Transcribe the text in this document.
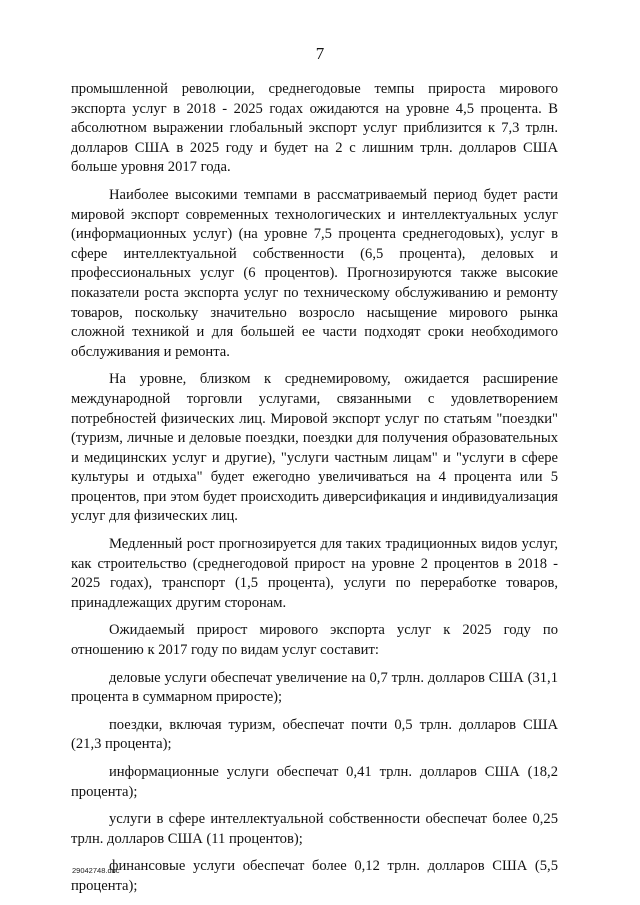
7

промышленной революции, среднегодовые темпы прироста мирового экспорта услуг в 2018 - 2025 годах ожидаются на уровне 4,5 процента. В абсолютном выражении глобальный экспорт услуг приблизится к 7,3 трлн. долларов США в 2025 году и будет на 2 с лишним трлн. долларов США больше уровня 2017 года.

Наиболее высокими темпами в рассматриваемый период будет расти мировой экспорт современных технологических и интеллектуальных услуг (информационных услуг) (на уровне 7,5 процента среднегодовых), услуг в сфере интеллектуальной собственности (6,5 процента), деловых и профессиональных услуг (6 процентов). Прогнозируются также высокие показатели роста экспорта услуг по техническому обслуживанию и ремонту товаров, поскольку значительно возросло насыщение мирового рынка сложной техникой и для большей ее части подходят сроки необходимого обслуживания и ремонта.

На уровне, близком к среднемировому, ожидается расширение международной торговли услугами, связанными с удовлетворением потребностей физических лиц. Мировой экспорт услуг по статьям "поездки" (туризм, личные и деловые поездки, поездки для получения образовательных и медицинских услуг и другие), "услуги частным лицам" и "услуги в сфере культуры и отдыха" будет ежегодно увеличиваться на 4 процента или 5 процентов, при этом будет происходить диверсификация и индивидуализация услуг для физических лиц.

Медленный рост прогнозируется для таких традиционных видов услуг, как строительство (среднегодовой прирост на уровне 2 процентов в 2018 - 2025 годах), транспорт (1,5 процента), услуги по переработке товаров, принадлежащих другим сторонам.

Ожидаемый прирост мирового экспорта услуг к 2025 году по отношению к 2017 году по видам услуг составит:

деловые услуги обеспечат увеличение на 0,7 трлн. долларов США (31,1 процента в суммарном приросте);

поездки, включая туризм, обеспечат почти 0,5 трлн. долларов США (21,3 процента);

информационные услуги обеспечат 0,41 трлн. долларов США (18,2 процента);

услуги в сфере интеллектуальной собственности обеспечат более 0,25 трлн. долларов США (11 процентов);

финансовые услуги обеспечат более 0,12 трлн. долларов США (5,5 процента);

29042748.doc
